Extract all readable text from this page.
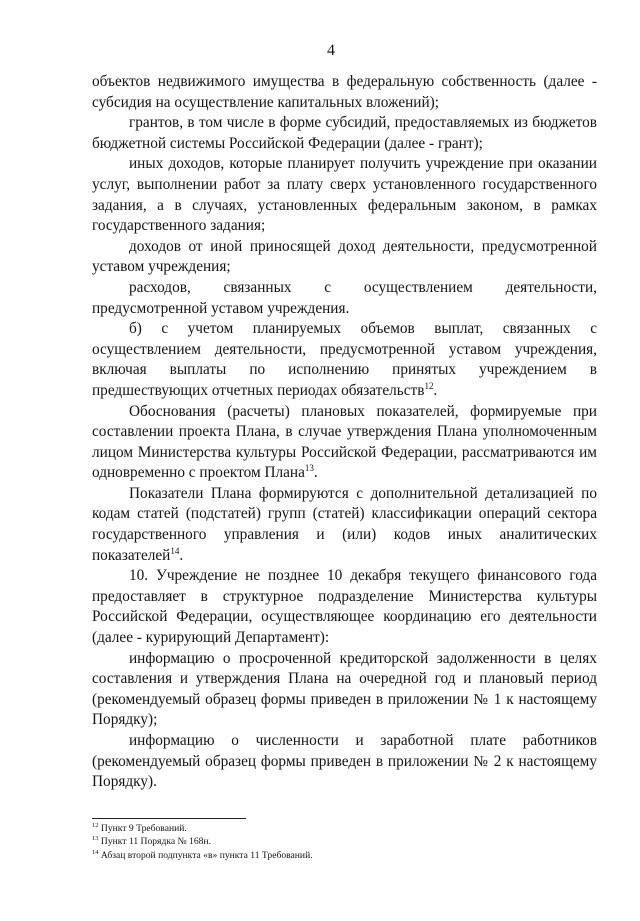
4

объектов недвижимого имущества в федеральную собственность (далее - субсидия на осуществление капитальных вложений);

грантов, в том числе в форме субсидий, предоставляемых из бюджетов бюджетной системы Российской Федерации (далее - грант);

иных доходов, которые планирует получить учреждение при оказании услуг, выполнении работ за плату сверх установленного государственного задания, а в случаях, установленных федеральным законом, в рамках государственного задания;

доходов от иной приносящей доход деятельности, предусмотренной уставом учреждения;

расходов, связанных с осуществлением деятельности, предусмотренной уставом учреждения.

б) с учетом планируемых объемов выплат, связанных с осуществлением деятельности, предусмотренной уставом учреждения, включая выплаты по исполнению принятых учреждением в предшествующих отчетных периодах обязательств$^{12}$.

Обоснования (расчеты) плановых показателей, формируемые при составлении проекта Плана, в случае утверждения Плана уполномоченным лицом Министерства культуры Российской Федерации, рассматриваются им одновременно с проектом Плана$^{13}$.

Показатели Плана формируются с дополнительной детализацией по кодам статей (подстатей) групп (статей) классификации операций сектора государственного управления и (или) кодов иных аналитических показателей$^{14}$.

10. Учреждение не позднее 10 декабря текущего финансового года предоставляет в структурное подразделение Министерства культуры Российской Федерации, осуществляющее координацию его деятельности (далее - курирующий Департамент):

информацию о просроченной кредиторской задолженности в целях составления и утверждения Плана на очередной год и плановый период (рекомендуемый образец формы приведен в приложении № 1 к настоящему Порядку);

информацию о численности и заработной плате работников (рекомендуемый образец формы приведен в приложении № 2 к настоящему Порядку).

$^{12}$ Пункт 9 Требований.

$^{13}$ Пункт 11 Порядка № 168н.

$^{14}$ Абзац второй подпункта «в» пункта 11 Требований.
